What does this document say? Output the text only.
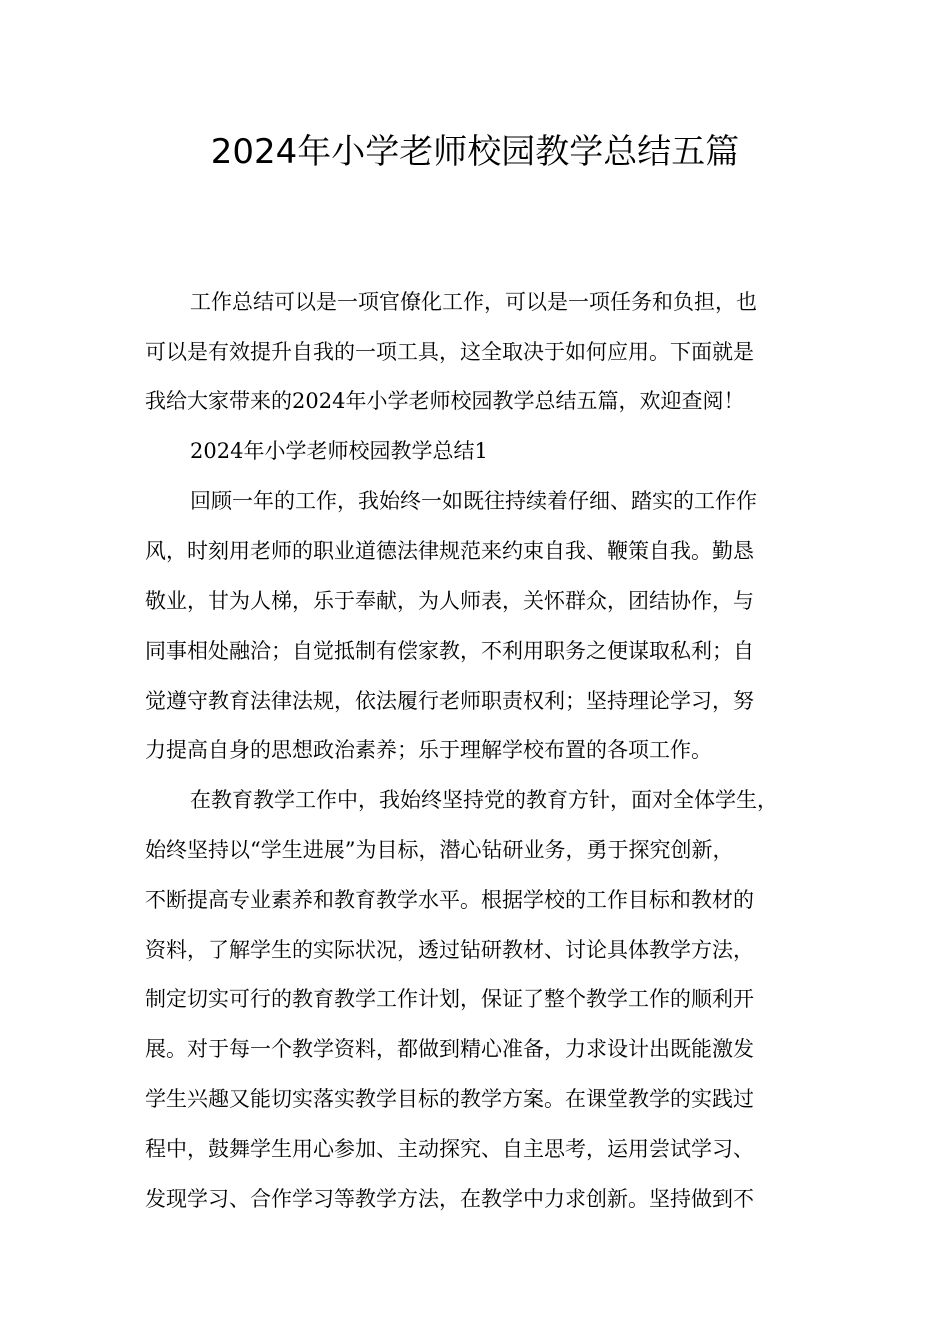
2024年小学老师校园教学总结五篇
工作总结可以是一项官僚化工作，可以是一项任务和负担，也
可以是有效提升自我的一项工具，这全取决于如何应用。下面就是
我给大家带来的2024年小学老师校园教学总结五篇，欢迎查阅！
2024年小学老师校园教学总结1
回顾一年的工作，我始终一如既往持续着仔细、踏实的工作作
风，时刻用老师的职业道德法律规范来约束自我、鞭策自我。勤恳
敬业，甘为人梯，乐于奉献，为人师表，关怀群众，团结协作，与
同事相处融洽；自觉抵制有偿家教，不利用职务之便谋取私利；自
觉遵守教育法律法规，依法履行老师职责权利；坚持理论学习，努
力提高自身的思想政治素养；乐于理解学校布置的各项工作。
在教育教学工作中，我始终坚持党的教育方针，面对全体学生，
始终坚持以“学生进展”为目标，潜心钻研业务，勇于探究创新，
不断提高专业素养和教育教学水平。根据学校的工作目标和教材的
资料，了解学生的实际状况，透过钻研教材、讨论具体教学方法，
制定切实可行的教育教学工作计划，保证了整个教学工作的顺利开
展。对于每一个教学资料，都做到精心准备，力求设计出既能激发
学生兴趣又能切实落实教学目标的教学方案。在课堂教学的实践过
程中，鼓舞学生用心参加、主动探究、自主思考，运用尝试学习、
发现学习、合作学习等教学方法，在教学中力求创新。坚持做到不
